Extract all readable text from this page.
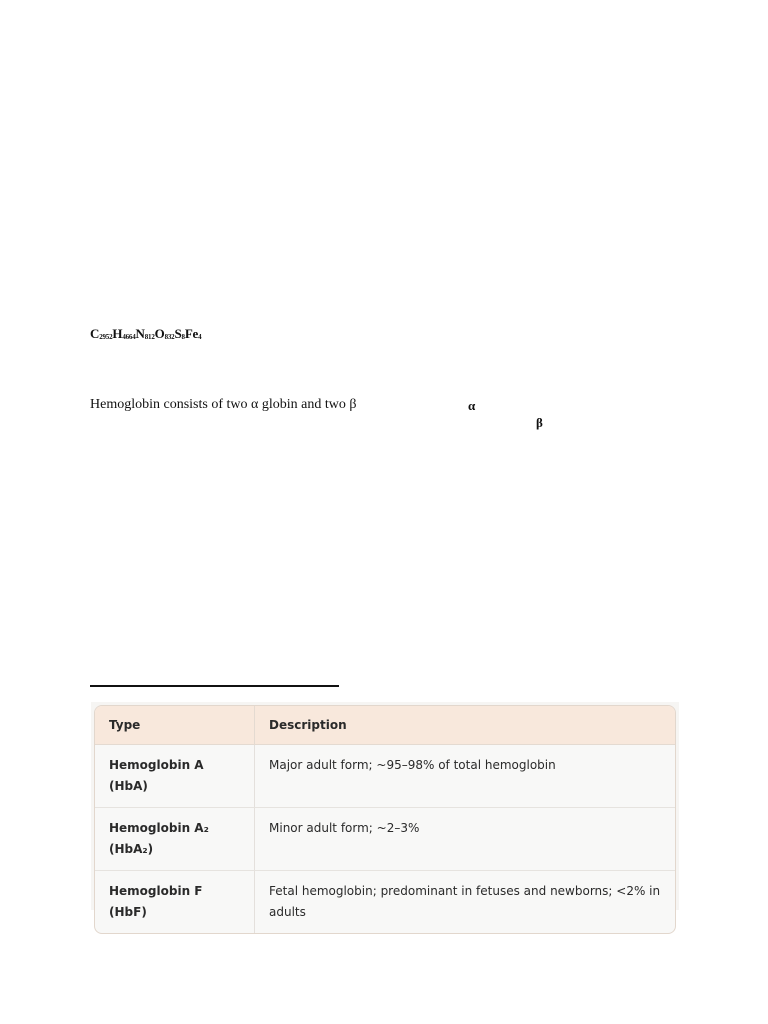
$C_{2952}H_{4664}N_{812}O_{832}S_8Fe_4$
Hemoglobin consists of two α globin and two β	α
β
Type	Description
Hemoglobin A (HbA)	Major adult form; ~95–98% of total hemoglobin
Hemoglobin A₂ (HbA₂)	Minor adult form; ~2–3%
Hemoglobin F (HbF)	Fetal hemoglobin; predominant in fetuses and newborns; <2% in adults
